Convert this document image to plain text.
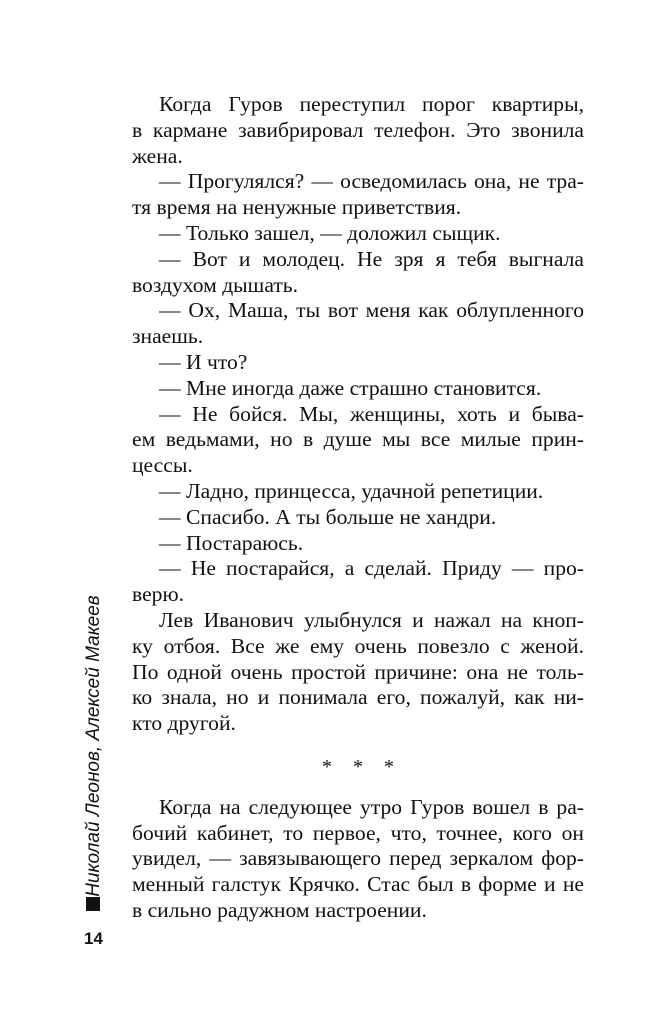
Когда Гуров переступил порог квартиры,
в кармане завибрировал телефон. Это звонила
жена.
— Прогулялся? — осведомилась она, не тра-
тя время на ненужные приветствия.
— Только зашел, — доложил сыщик.
— Вот и молодец. Не зря я тебя выгнала
воздухом дышать.
— Ох, Маша, ты вот меня как облупленного
знаешь.
— И что?
— Мне иногда даже страшно становится.
— Не бойся. Мы, женщины, хоть и быва-
ем ведьмами, но в душе мы все милые прин-
цессы.
— Ладно, принцесса, удачной репетиции.
— Спасибо. А ты больше не хандри.
— Постараюсь.
— Не постарайся, а сделай. Приду — про-
верю.
Лев Иванович улыбнулся и нажал на кноп-
ку отбоя. Все же ему очень повезло с женой.
По одной очень простой причине: она не толь-
ко знала, но и понимала его, пожалуй, как ни-
кто другой.
* * *
Когда на следующее утро Гуров вошел в ра-
бочий кабинет, то первое, что, точнее, кого он
увидел, — завязывающего перед зеркалом фор-
менный галстук Крячко. Стас был в форме и не
в сильно радужном настроении.
Николай Леонов, Алексей Макеев
14
